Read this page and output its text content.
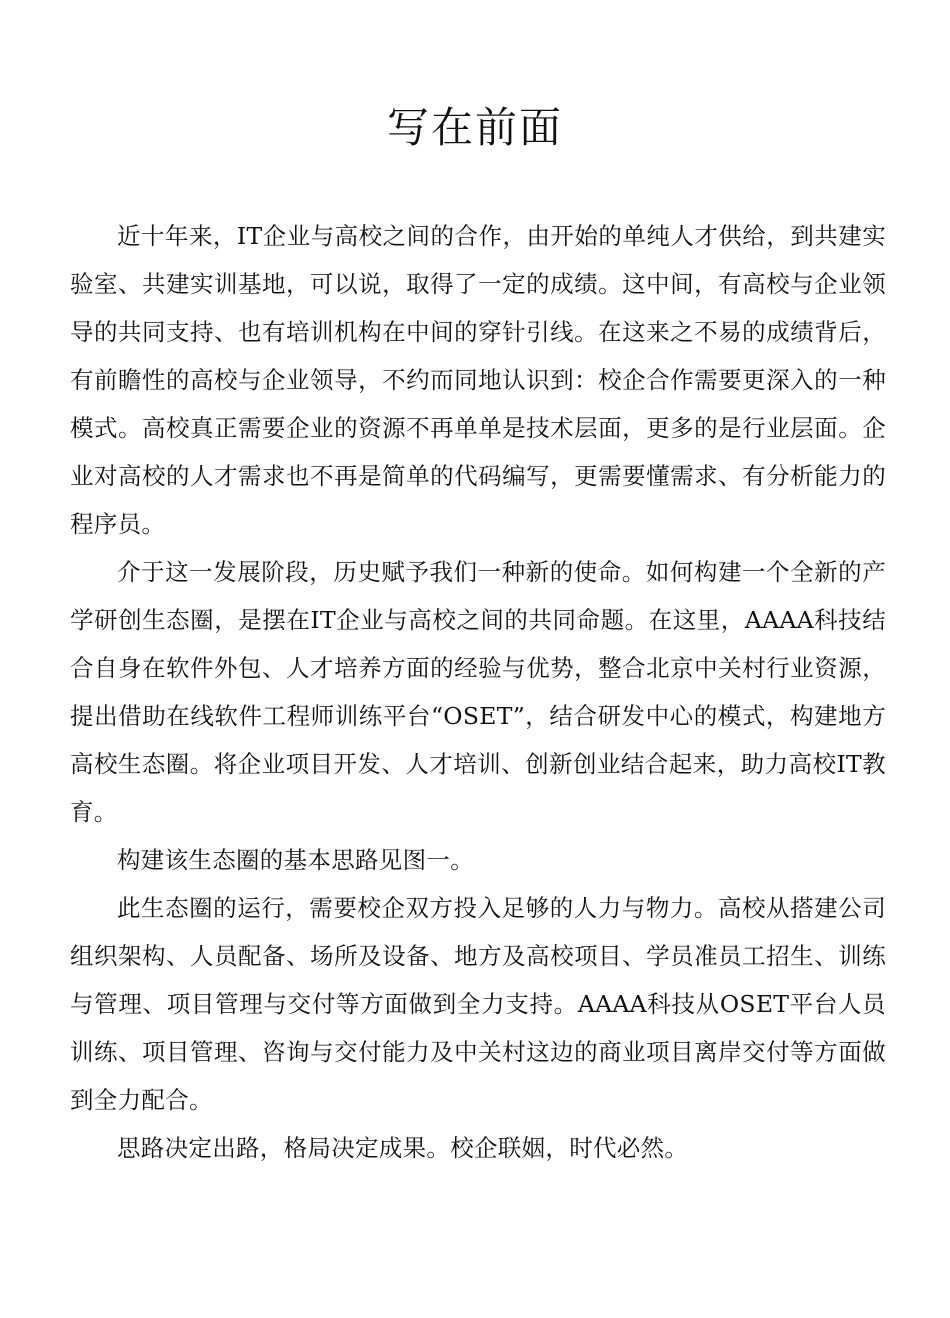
写在前面

近十年来，IT企业与高校之间的合作，由开始的单纯人才供给，到共建实验室、共建实训基地，可以说，取得了一定的成绩。这中间，有高校与企业领导的共同支持、也有培训机构在中间的穿针引线。在这来之不易的成绩背后，有前瞻性的高校与企业领导，不约而同地认识到：校企合作需要更深入的一种模式。高校真正需要企业的资源不再单单是技术层面，更多的是行业层面。企业对高校的人才需求也不再是简单的代码编写，更需要懂需求、有分析能力的程序员。

介于这一发展阶段，历史赋予我们一种新的使命。如何构建一个全新的产学研创生态圈，是摆在IT企业与高校之间的共同命题。在这里，AAAA科技结合自身在软件外包、人才培养方面的经验与优势，整合北京中关村行业资源，提出借助在线软件工程师训练平台“OSET”，结合研发中心的模式，构建地方高校生态圈。将企业项目开发、人才培训、创新创业结合起来，助力高校IT教育。

构建该生态圈的基本思路见图一。

此生态圈的运行，需要校企双方投入足够的人力与物力。高校从搭建公司组织架构、人员配备、场所及设备、地方及高校项目、学员准员工招生、训练与管理、项目管理与交付等方面做到全力支持。AAAA科技从OSET平台人员训练、项目管理、咨询与交付能力及中关村这边的商业项目离岸交付等方面做到全力配合。

思路决定出路，格局决定成果。校企联姻，时代必然。
